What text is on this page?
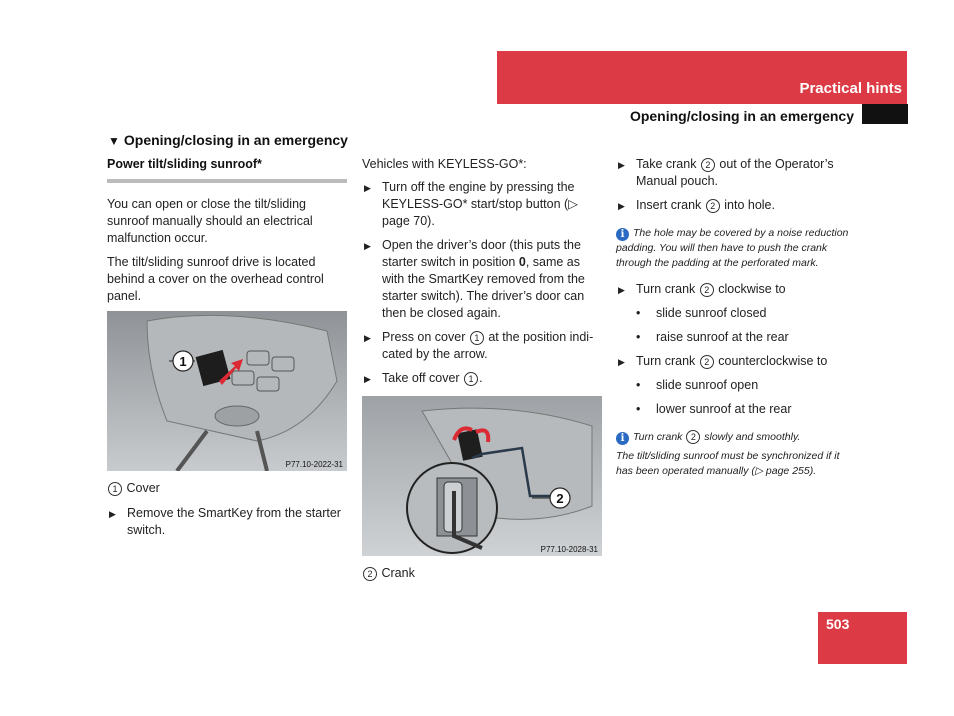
Practical hints
Opening/closing in an emergency
▼ Opening/closing in an emergency
Power tilt/sliding sunroof*

You can open or close the tilt/sliding sunroof manually should an electrical malfunction occur.

The tilt/sliding sunroof drive is located behind a cover on the overhead control panel.

1
P77.10-2022-31

1 Cover

▶ Remove the SmartKey from the starter switch.

Vehicles with KEYLESS-GO*:

▶ Turn off the engine by pressing the KEYLESS-GO* start/stop button (▷ page 70).
▶ Open the driver’s door (this puts the starter switch in position 0, same as with the SmartKey removed from the starter switch). The driver’s door can then be closed again.
▶ Press on cover 1 at the position indi-cated by the arrow.
▶ Take off cover 1 .
2
P77.10-2028-31

2 Crank

▶ Take crank 2 out of the Operator’s Manual pouch.
▶ Insert crank 2 into hole.
i The hole may be covered by a noise reduction padding. You will then have to push the crank through the padding at the perforated mark.
▶ Turn crank 2 clockwise to
• slide sunroof closed
• raise sunroof at the rear
▶ Turn crank 2 counterclockwise to
• slide sunroof open
• lower sunroof at the rear
i Turn crank 2 slowly and smoothly.
The tilt/sliding sunroof must be synchronized if it has been operated manually (▷ page 255).
503
